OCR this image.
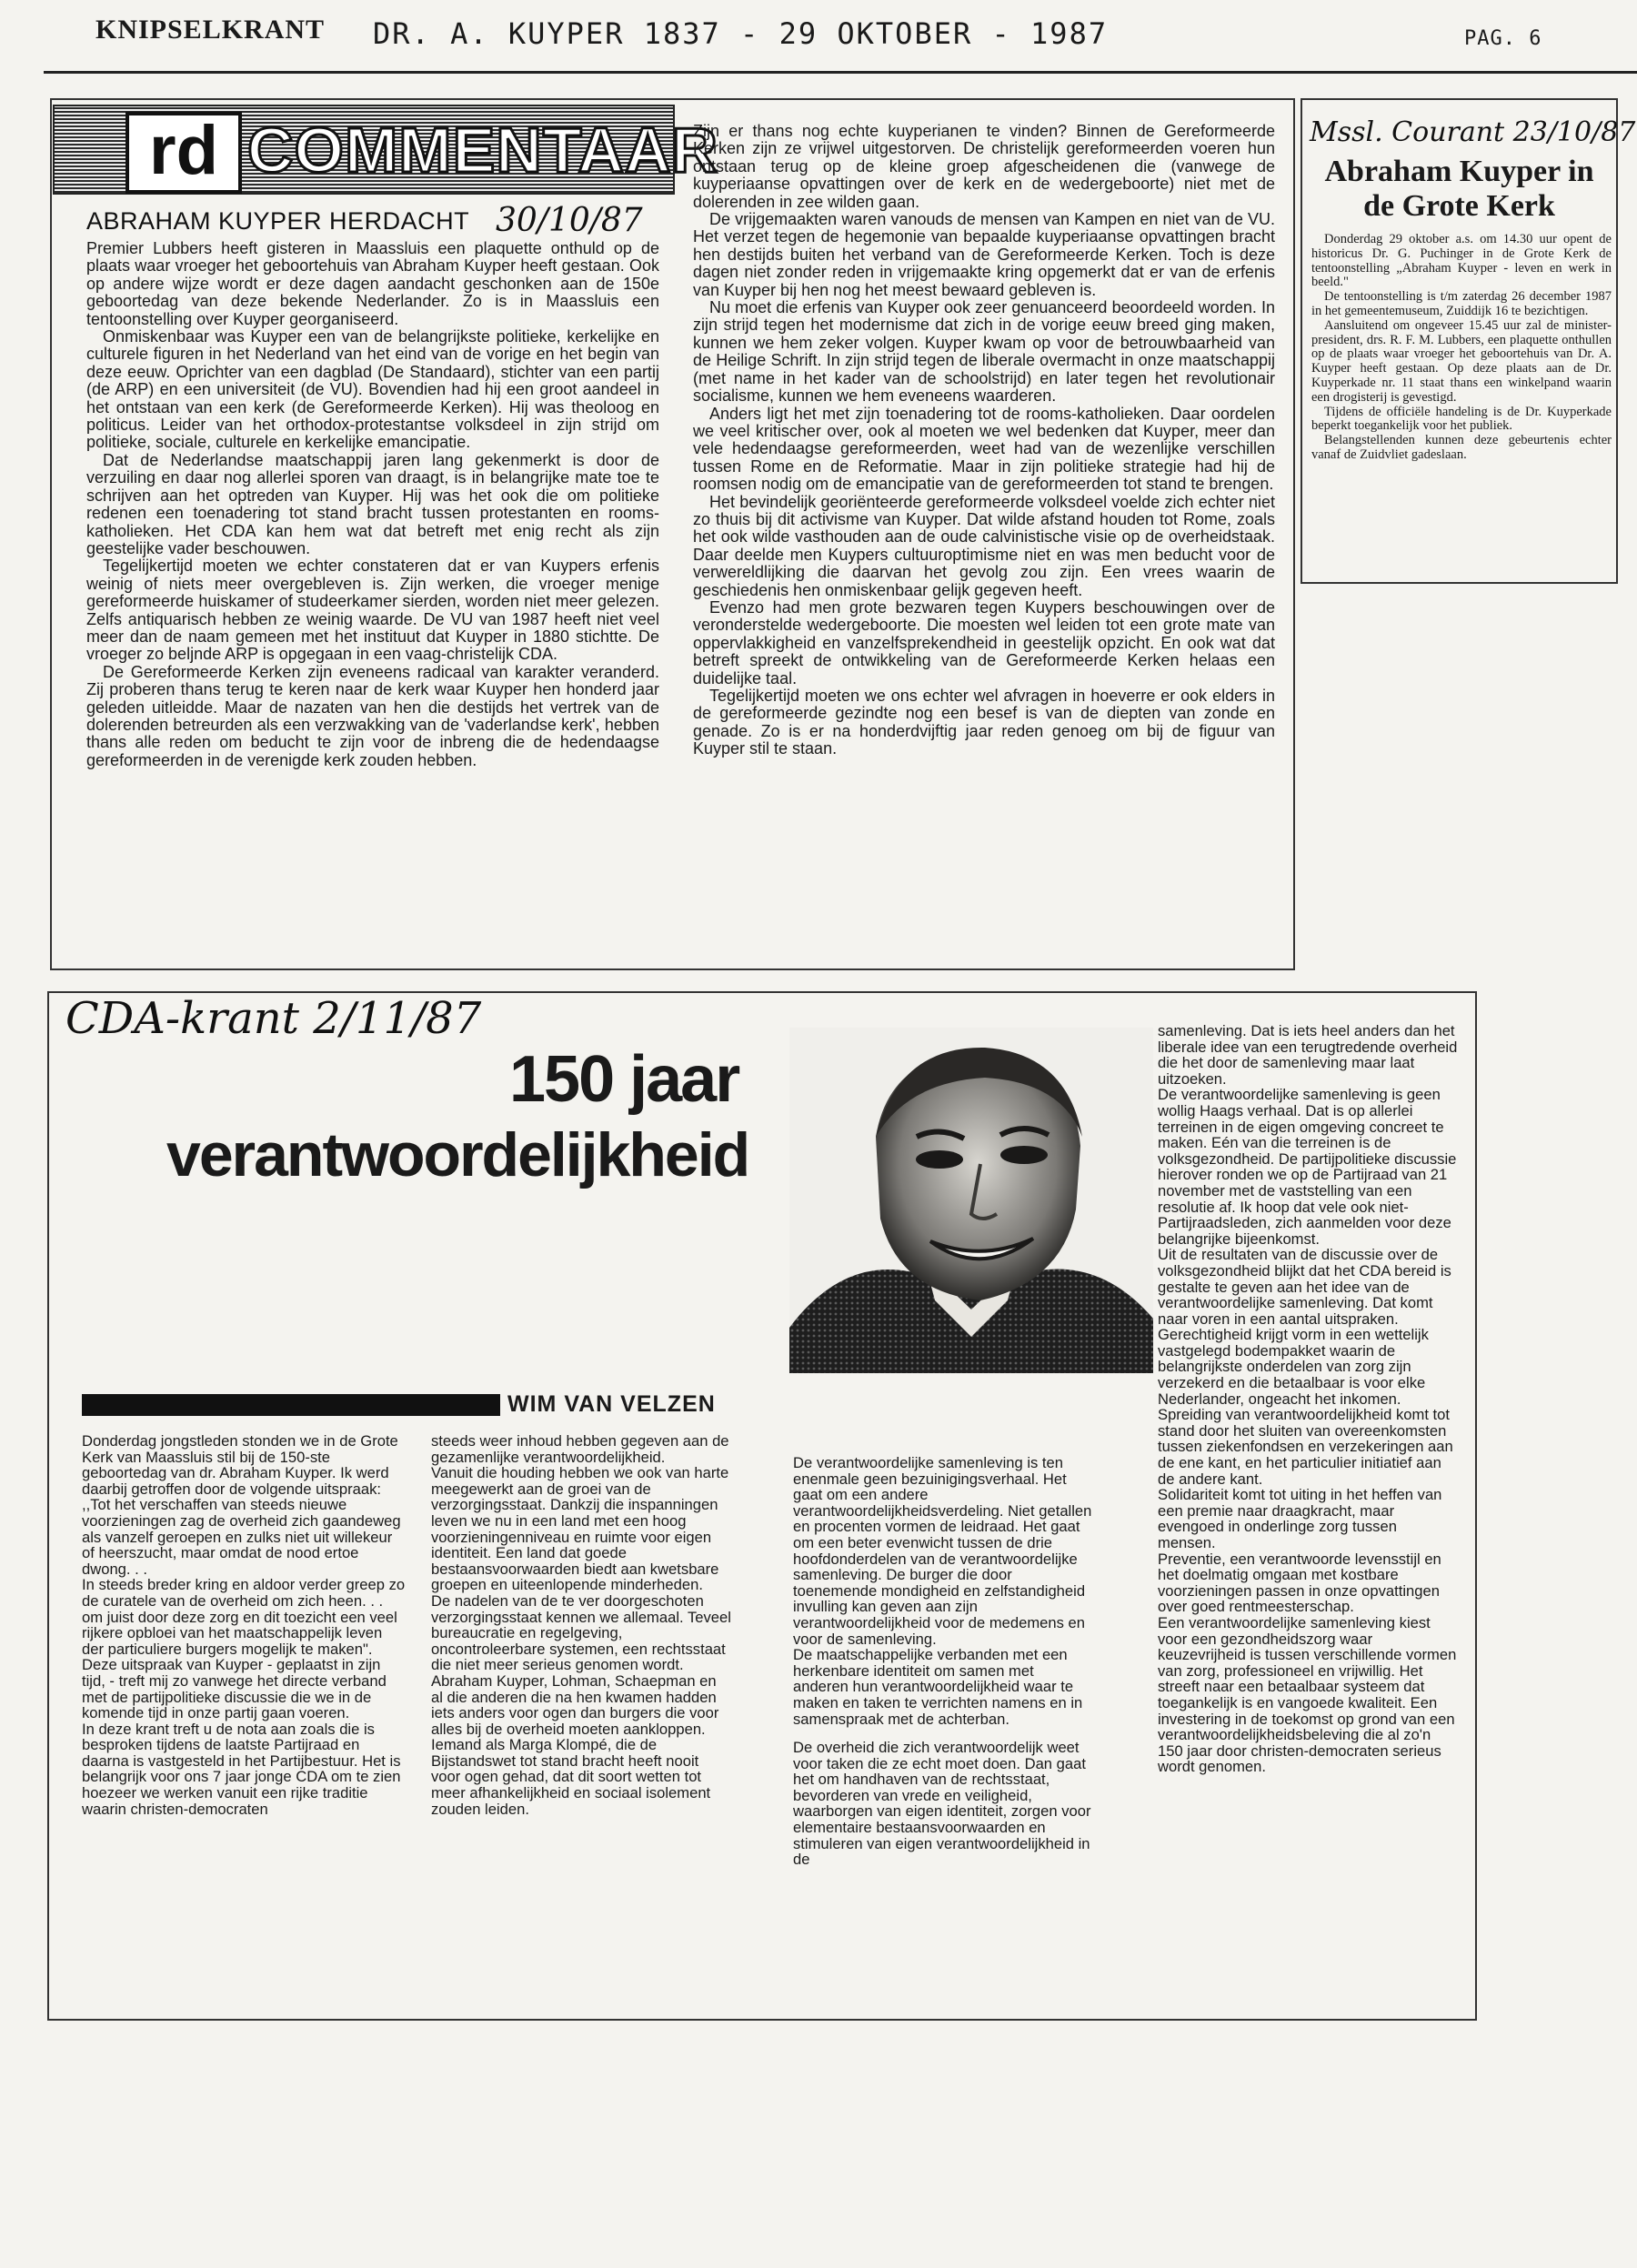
KNIPSELKRANT DR. A. KUYPER 1837 - 29 OKTOBER - 1987	PAG. 6
rd COMMENTAAR
ABRAHAM KUYPER HERDACHT 30/10/87

Premier Lubbers heeft gisteren in Maassluis een plaquette onthuld op de plaats waar vroeger het geboortehuis van Abraham Kuyper heeft gestaan. Ook op andere wijze wordt er deze dagen aandacht geschonken aan de 150e geboortedag van deze bekende Nederlander. Zo is in Maassluis een tentoonstelling over Kuyper georganiseerd.

Onmiskenbaar was Kuyper een van de belangrijkste politieke, kerkelijke en culturele figuren in het Nederland van het eind van de vorige en het begin van deze eeuw. Oprichter van een dagblad (De Standaard), stichter van een partij (de ARP) en een universiteit (de VU). Bovendien had hij een groot aandeel in het ontstaan van een kerk (de Gereformeerde Kerken). Hij was theoloog en politicus. Leider van het orthodox-protestantse volksdeel in zijn strijd om politieke, sociale, culturele en kerkelijke emancipatie.

Dat de Nederlandse maatschappij jaren lang gekenmerkt is door de verzuiling en daar nog allerlei sporen van draagt, is in belangrijke mate toe te schrijven aan het optreden van Kuyper. Hij was het ook die om politieke redenen een toenadering tot stand bracht tussen protestanten en rooms-katholieken. Het CDA kan hem wat dat betreft met enig recht als zijn geestelijke vader beschouwen.

Tegelijkertijd moeten we echter constateren dat er van Kuypers erfenis weinig of niets meer overgebleven is. Zijn werken, die vroeger menige gereformeerde huiskamer of studeerkamer sierden, worden niet meer gelezen. Zelfs antiquarisch hebben ze weinig waarde. De VU van 1987 heeft niet veel meer dan de naam gemeen met het instituut dat Kuyper in 1880 stichtte. De vroeger zo beljnde ARP is opgegaan in een vaag-christelijk CDA.

De Gereformeerde Kerken zijn eveneens radicaal van karakter veranderd. Zij proberen thans terug te keren naar de kerk waar Kuyper hen honderd jaar geleden uitleidde. Maar de nazaten van hen die destijds het vertrek van de dolerenden betreurden als een verzwakking van de 'vaderlandse kerk', hebben thans alle reden om beducht te zijn voor de inbreng die de hedendaagse gereformeerden in de verenigde kerk zouden hebben.

Zijn er thans nog echte kuyperianen te vinden? Binnen de Gereformeerde Kerken zijn ze vrijwel uitgestorven. De christelijk gereformeerden voeren hun ontstaan terug op de kleine groep afgescheidenen die (vanwege de kuyperiaanse opvattingen over de kerk en de wedergeboorte) niet met de dolerenden in zee wilden gaan.

De vrijgemaakten waren vanouds de mensen van Kampen en niet van de VU. Het verzet tegen de hegemonie van bepaalde kuyperiaanse opvattingen bracht hen destijds buiten het verband van de Gereformeerde Kerken. Toch is deze dagen niet zonder reden in vrijgemaakte kring opgemerkt dat er van de erfenis van Kuyper bij hen nog het meest bewaard gebleven is.

Nu moet die erfenis van Kuyper ook zeer genuanceerd beoordeeld worden. In zijn strijd tegen het modernisme dat zich in de vorige eeuw breed ging maken, kunnen we hem zeker volgen. Kuyper kwam op voor de betrouwbaarheid van de Heilige Schrift. In zijn strijd tegen de liberale overmacht in onze maatschappij (met name in het kader van de schoolstrijd) en later tegen het revolutionair socialisme, kunnen we hem eveneens waarderen.

Anders ligt het met zijn toenadering tot de rooms-katholieken. Daar oordelen we veel kritischer over, ook al moeten we wel bedenken dat Kuyper, meer dan vele hedendaagse gereformeerden, weet had van de wezenlijke verschillen tussen Rome en de Reformatie. Maar in zijn politieke strategie had hij de roomsen nodig om de emancipatie van de gereformeerden tot stand te brengen.

Het bevindelijk georiënteerde gereformeerde volksdeel voelde zich echter niet zo thuis bij dit activisme van Kuyper. Dat wilde afstand houden tot Rome, zoals het ook wilde vasthouden aan de oude calvinistische visie op de overheidstaak. Daar deelde men Kuypers cultuuroptimisme niet en was men beducht voor de verwereldlijking die daarvan het gevolg zou zijn. Een vrees waarin de geschiedenis hen onmiskenbaar gelijk gegeven heeft.

Evenzo had men grote bezwaren tegen Kuypers beschouwingen over de veronderstelde wedergeboorte. Die moesten wel leiden tot een grote mate van oppervlakkigheid en vanzelfsprekendheid in geestelijk opzicht. En ook wat dat betreft spreekt de ontwikkeling van de Gereformeerde Kerken helaas een duidelijke taal.

Tegelijkertijd moeten we ons echter wel afvragen in hoeverre er ook elders in de gereformeerde gezindte nog een besef is van de diepten van zonde en genade. Zo is er na honderdvijftig jaar reden genoeg om bij de figuur van Kuyper stil te staan.

Mssl. Courant 23/10/87
Abraham Kuyper in de Grote Kerk

Donderdag 29 oktober a.s. om 14.30 uur opent de historicus Dr. G. Puchinger in de Grote Kerk de tentoonstelling „Abraham Kuyper - leven en werk in beeld."

De tentoonstelling is t/m zaterdag 26 december 1987 in het gemeentemuseum, Zuiddijk 16 te bezichtigen.

Aansluitend om ongeveer 15.45 uur zal de minister-president, drs. R. F. M. Lubbers, een plaquette onthullen op de plaats waar vroeger het geboortehuis van Dr. A. Kuyper heeft gestaan. Op deze plaats aan de Dr. Kuyperkade nr. 11 staat thans een winkelpand waarin een drogisterij is gevestigd.

Tijdens de officiële handeling is de Dr. Kuyperkade beperkt toegankelijk voor het publiek.

Belangstellenden kunnen deze gebeurtenis echter vanaf de Zuidvliet gadeslaan.

CDA-krant 2/11/87
150 jaar
verantwoordelijkheid
WIM VAN VELZEN

Donderdag jongstleden stonden we in de Grote Kerk van Maassluis stil bij de 150-ste geboortedag van dr. Abraham Kuyper. Ik werd daarbij getroffen door de volgende uitspraak: ,,Tot het verschaffen van steeds nieuwe voorzieningen zag de overheid zich gaandeweg als vanzelf geroepen en zulks niet uit willekeur of heerszucht, maar omdat de nood ertoe dwong. . .

In steeds breder kring en aldoor verder greep zo de curatele van de overheid om zich heen. . . om juist door deze zorg en dit toezicht een veel rijkere opbloei van het maatschappelijk leven der particuliere burgers mogelijk te maken".

Deze uitspraak van Kuyper - geplaatst in zijn tijd, - treft mij zo vanwege het directe verband met de partijpolitieke discussie die we in de komende tijd in onze partij gaan voeren.

In deze krant treft u de nota aan zoals die is besproken tijdens de laatste Partijraad en daarna is vastgesteld in het Partijbestuur. Het is belangrijk voor ons 7 jaar jonge CDA om te zien hoezeer we werken vanuit een rijke traditie waarin christen-democraten

steeds weer inhoud hebben gegeven aan de gezamenlijke verantwoordelijkheid.

Vanuit die houding hebben we ook van harte meegewerkt aan de groei van de verzorgingsstaat. Dankzij die inspanningen leven we nu in een land met een hoog voorzieningenniveau en ruimte voor eigen identiteit. Een land dat goede bestaansvoorwaarden biedt aan kwetsbare groepen en uiteenlopende minderheden.

De nadelen van de te ver doorgeschoten verzorgingsstaat kennen we allemaal. Teveel bureaucratie en regelgeving, oncontroleerbare systemen, een rechtsstaat die niet meer serieus genomen wordt.

Abraham Kuyper, Lohman, Schaepman en al die anderen die na hen kwamen hadden iets anders voor ogen dan burgers die voor alles bij de overheid moeten aankloppen. Iemand als Marga Klompé, die de Bijstandswet tot stand bracht heeft nooit voor ogen gehad, dat dit soort wetten tot meer afhankelijkheid en sociaal isolement zouden leiden.

De verantwoordelijke samenleving is ten enenmale geen bezuinigingsverhaal. Het gaat om een andere verantwoordelijkheidsverdeling. Niet getallen en procenten vormen de leidraad. Het gaat om een beter evenwicht tussen de drie hoofdonderdelen van de verantwoordelijke samenleving. De burger die door toenemende mondigheid en zelfstandigheid invulling kan geven aan zijn verantwoordelijkheid voor de medemens en voor de samenleving.

De maatschappelijke verbanden met een herkenbare identiteit om samen met anderen hun verantwoordelijkheid waar te maken en taken te verrichten namens en in samenspraak met de achterban.

De overheid die zich verantwoordelijk weet voor taken die ze echt moet doen. Dan gaat het om handhaven van de rechtsstaat, bevorderen van vrede en veiligheid, waarborgen van eigen identiteit, zorgen voor elementaire bestaansvoorwaarden en stimuleren van eigen verantwoordelijkheid in de

samenleving. Dat is iets heel anders dan het liberale idee van een terugtredende overheid die het door de samenleving maar laat uitzoeken.

De verantwoordelijke samenleving is geen wollig Haags verhaal. Dat is op allerlei terreinen in de eigen omgeving concreet te maken. Eén van die terreinen is de volksgezondheid. De partijpolitieke discussie hierover ronden we op de Partijraad van 21 november met de vaststelling van een resolutie af. Ik hoop dat vele ook niet-Partijraadsleden, zich aanmelden voor deze belangrijke bijeenkomst.

Uit de resultaten van de discussie over de volksgezondheid blijkt dat het CDA bereid is gestalte te geven aan het idee van de verantwoordelijke samenleving. Dat komt naar voren in een aantal uitspraken. Gerechtigheid krijgt vorm in een wettelijk vastgelegd bodempakket waarin de belangrijkste onderdelen van zorg zijn verzekerd en die betaalbaar is voor elke Nederlander, ongeacht het inkomen.

Spreiding van verantwoordelijkheid komt tot stand door het sluiten van overeenkomsten tussen ziekenfondsen en verzekeringen aan de ene kant, en het particulier initiatief aan de andere kant.

Solidariteit komt tot uiting in het heffen van een premie naar draagkracht, maar evengoed in onderlinge zorg tussen mensen.

Preventie, een verantwoorde levensstijl en het doelmatig omgaan met kostbare voorzieningen passen in onze opvattingen over goed rentmeesterschap.

Een verantwoordelijke samenleving kiest voor een gezondheidszorg waar keuzevrijheid is tussen verschillende vormen van zorg, professioneel en vrijwillig. Het streeft naar een betaalbaar systeem dat toegankelijk is en vangoede kwaliteit. Een investering in de toekomst op grond van een verantwoordelijkheidsbeleving die al zo'n 150 jaar door christen-democraten serieus wordt genomen.
